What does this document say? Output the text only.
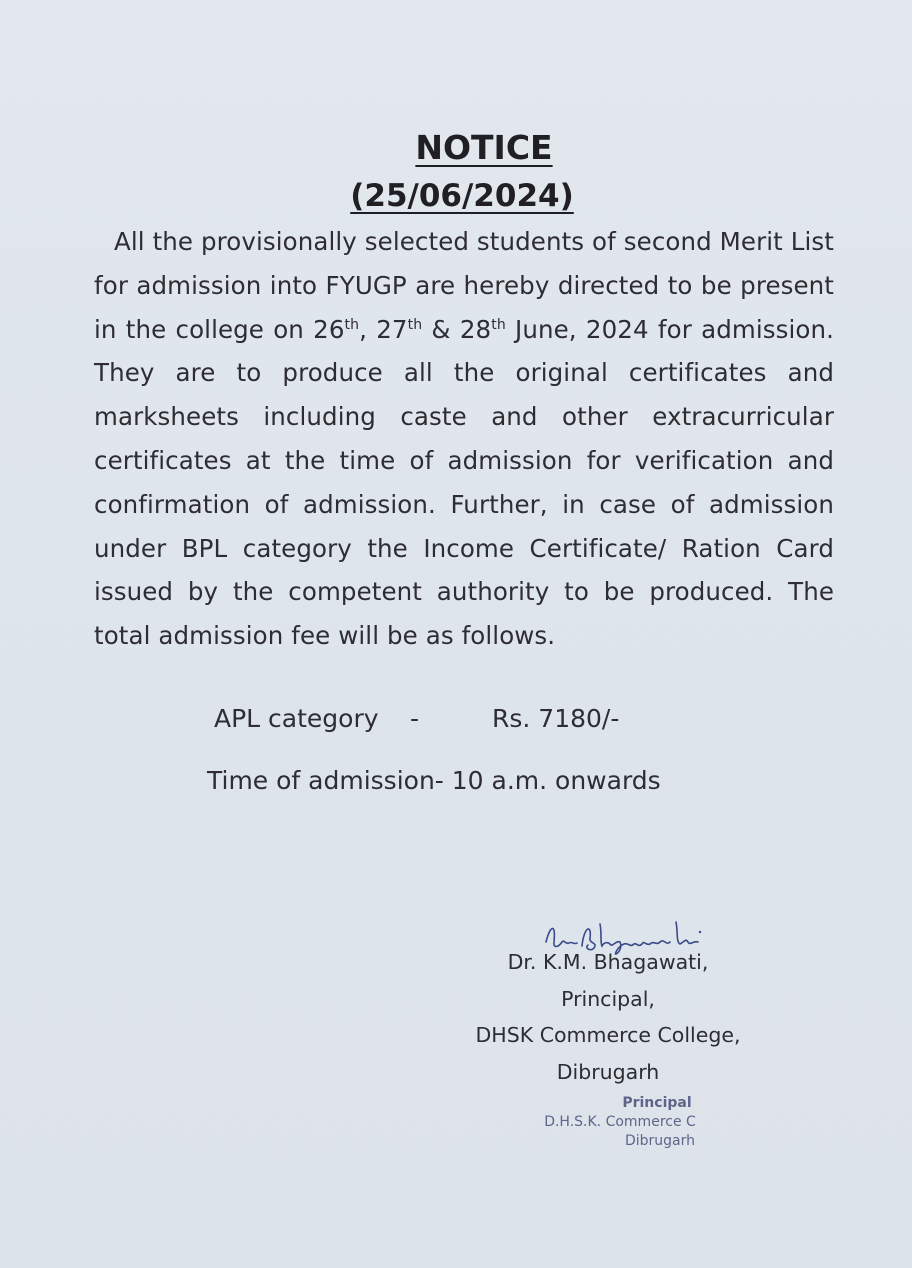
NOTICE
(25/06/2024)
All the provisionally selected students of second Merit List for admission into FYUGP are hereby directed to be present in the college on 26th, 27th & 28th June, 2024 for admission. They are to produce all the original certificates and marksheets including caste and other extracurricular certificates at the time of admission for verification and confirmation of admission. Further, in case of admission under BPL category the Income Certificate/ Ration Card issued by the competent authority to be produced. The total admission fee will be as follows.
APL category -	Rs. 7180/-
Time of admission- 10 a.m. onwards
Dr. K.M. Bhagawati,
Principal,
DHSK Commerce College,
Dibrugarh
Principal
D.H.S.K. Commerce C
Dibrugarh
